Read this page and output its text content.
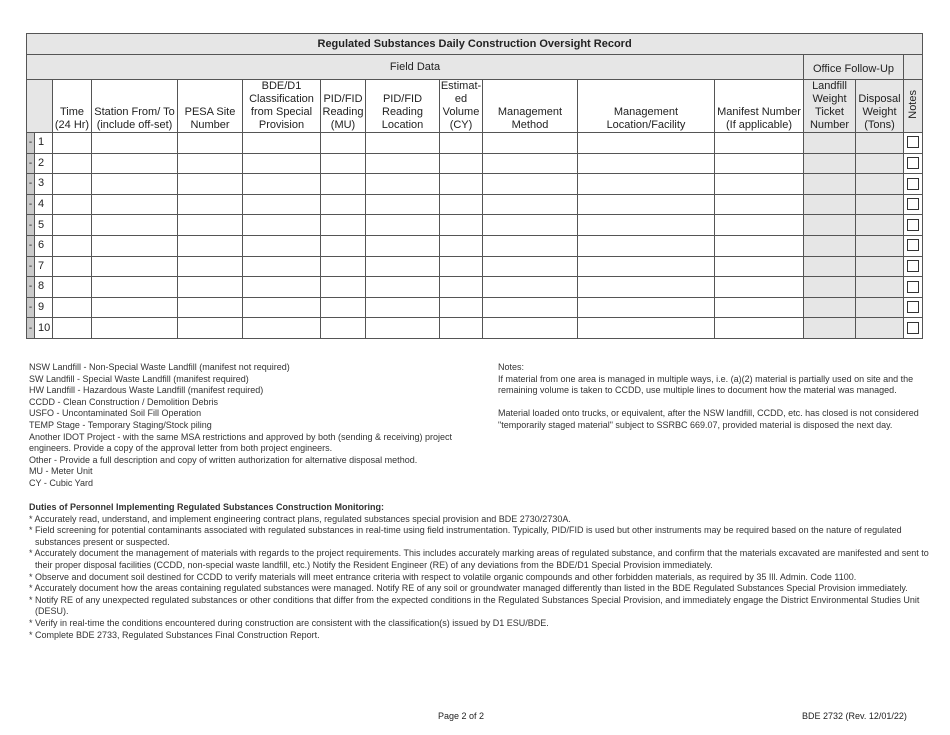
Regulated Substances Daily Construction Oversight Record														
Field Data												Office Follow-Up		
		Time (24 Hr)	Station From/ To (include off-set)	PESA Site Number	BDE/D1 Classification from Special Provision	PID/FID Reading (MU)	PID/FID Reading Location	Estimat-ed Volume (CY)	Management Method	Management Location/Facility	Manifest Number (If applicable)	Landfill Weight Ticket Number	Disposal Weight (Tons)	Notes
-	1													
-	2													
-	3													
-	4													
-	5													
-	6													
-	7													
-	8													
-	9													
-	10													

NSW Landfill - Non-Special Waste Landfill (manifest not required)

SW Landfill - Special Waste Landfill (manifest required)

HW Landfill - Hazardous Waste Landfill (manifest required)

CCDD - Clean Construction / Demolition Debris

USFO - Uncontaminated Soil Fill Operation

TEMP Stage - Temporary Staging/Stock piling

Another IDOT Project - with the same MSA restrictions and approved by both (sending & receiving) project engineers. Provide a copy of the approval letter from both project engineers.

Other - Provide a full description and copy of written authorization for alternative disposal method.

MU - Meter Unit

CY - Cubic Yard

Notes:

If material from one area is managed in multiple ways, i.e. (a)(2) material is partially used on site and the remaining volume is taken to CCDD, use multiple lines to document how the material was managed.

Material loaded onto trucks, or equivalent, after the NSW landfill, CCDD, etc. has closed is not considered "temporarily staged material" subject to SSRBC 669.07, provided material is disposed the next day.

Duties of Personnel Implementing Regulated Substances Construction Monitoring:

* Accurately read, understand, and implement engineering contract plans, regulated substances special provision and BDE 2730/2730A.

* Field screening for potential contaminants associated with regulated substances in real-time using field instrumentation. Typically, PID/FID is used but other instruments may be required based on the nature of regulated substances present or suspected.

* Accurately document the management of materials with regards to the project requirements. This includes accurately marking areas of regulated substance, and confirm that the materials excavated are manifested and sent to their proper disposal facilities (CCDD, non-special waste landfill, etc.) Notify the Resident Engineer (RE) of any deviations from the BDE/D1 Special Provision immediately.

* Observe and document soil destined for CCDD to verify materials will meet entrance criteria with respect to volatile organic compounds and other forbidden materials, as required by 35 Ill. Admin. Code 1100.

* Accurately document how the areas containing regulated substances were managed. Notify RE of any soil or groundwater managed differently than listed in the BDE Regulated Substances Special Provision immediately.

* Notify RE of any unexpected regulated substances or other conditions that differ from the expected conditions in the Regulated Substances Special Provision, and immediately engage the District Environmental Studies Unit (DESU).

* Verify in real-time the conditions encountered during construction are consistent with the classification(s) issued by D1 ESU/BDE.

* Complete BDE 2733, Regulated Substances Final Construction Report.

Page 2 of 2	BDE 2732 (Rev. 12/01/22)
